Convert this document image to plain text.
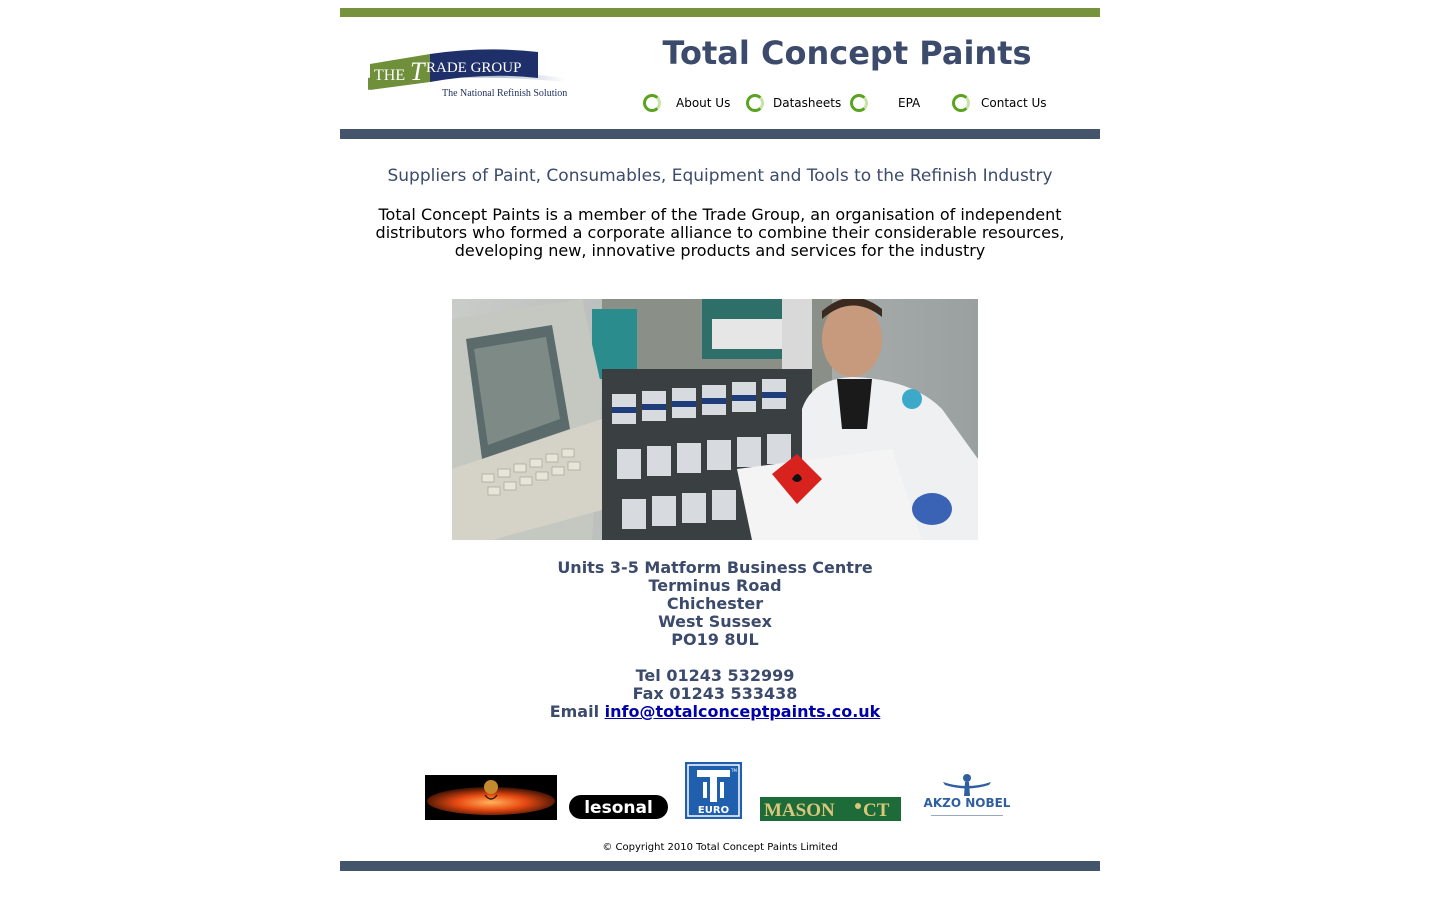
THE T RADE GROUP
The National Refinish Solution
Total Concept Paints
About Us	Datasheets	EPA	Contact Us
Suppliers of Paint, Consumables, Equipment and Tools to the Refinish Industry
Total Concept Paints is a member of the Trade Group, an organisation of independent distributors who formed a corporate alliance to combine their considerable resources, developing new, innovative products and services for the industry
Units 3-5 Matform Business Centre
Terminus Road
Chichester
West Sussex
PO19 8UL
Tel 01243 532999
Fax 01243 533438
Email info@totalconceptpaints.co.uk
lesonal	EURO
TM
MASON CT	AKZO NOBEL
© Copyright 2010 Total Concept Paints Limited
